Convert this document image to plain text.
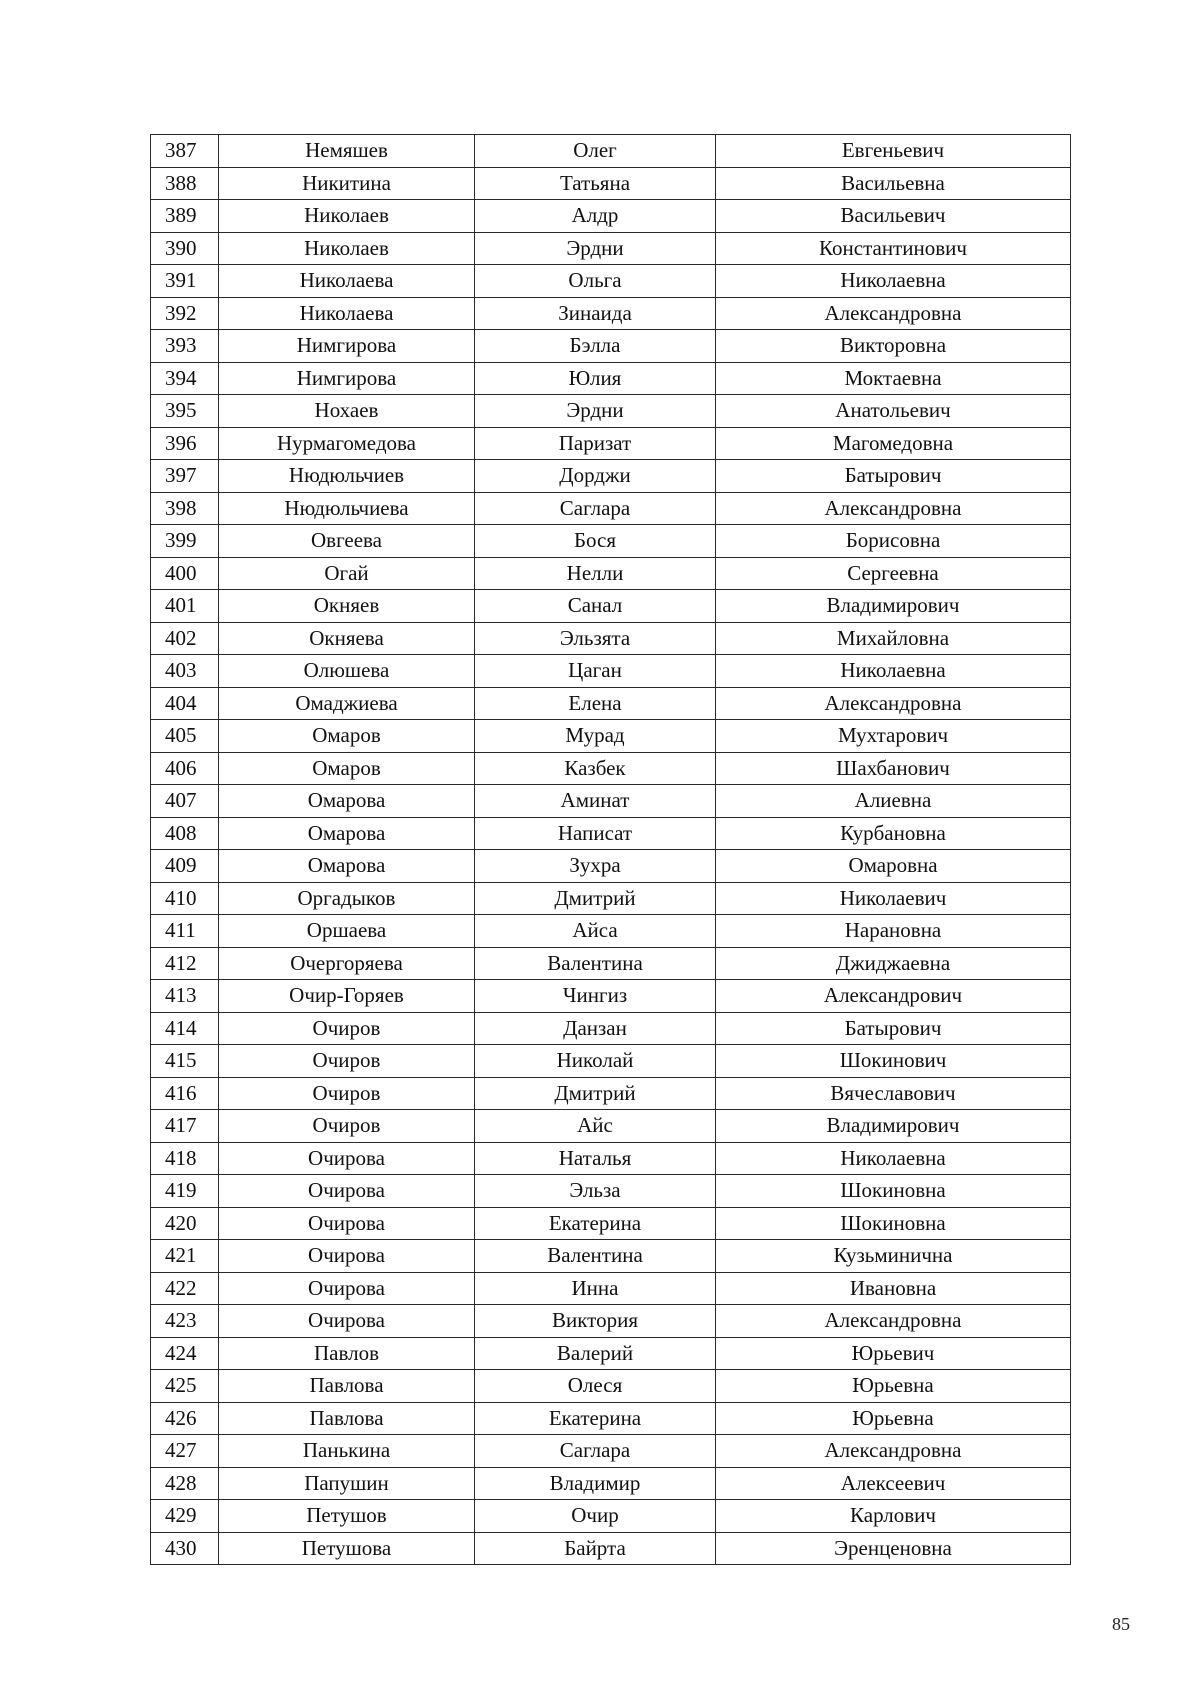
387	Немяшев	Олег	Евгеньевич
388	Никитина	Татьяна	Васильевна
389	Николаев	Алдр	Васильевич
390	Николаев	Эрдни	Константинович
391	Николаева	Ольга	Николаевна
392	Николаева	Зинаида	Александровна
393	Нимгирова	Бэлла	Викторовна
394	Нимгирова	Юлия	Моктаевна
395	Нохаев	Эрдни	Анатольевич
396	Нурмагомедова	Паризат	Магомедовна
397	Нюдюльчиев	Дорджи	Батырович
398	Нюдюльчиева	Саглара	Александровна
399	Овгеева	Бося	Борисовна
400	Огай	Нелли	Сергеевна
401	Окняев	Санал	Владимирович
402	Окняева	Эльзята	Михайловна
403	Олюшева	Цаган	Николаевна
404	Омаджиева	Елена	Александровна
405	Омаров	Мурад	Мухтарович
406	Омаров	Казбек	Шахбанович
407	Омарова	Аминат	Алиевна
408	Омарова	Написат	Курбановна
409	Омарова	Зухра	Омаровна
410	Оргадыков	Дмитрий	Николаевич
411	Оршаева	Айса	Нарановна
412	Очергоряева	Валентина	Джиджаевна
413	Очир-Горяев	Чингиз	Александрович
414	Очиров	Данзан	Батырович
415	Очиров	Николай	Шокинович
416	Очиров	Дмитрий	Вячеславович
417	Очиров	Айс	Владимирович
418	Очирова	Наталья	Николаевна
419	Очирова	Эльза	Шокиновна
420	Очирова	Екатерина	Шокиновна
421	Очирова	Валентина	Кузьминична
422	Очирова	Инна	Ивановна
423	Очирова	Виктория	Александровна
424	Павлов	Валерий	Юрьевич
425	Павлова	Олеся	Юрьевна
426	Павлова	Екатерина	Юрьевна
427	Панькина	Саглара	Александровна
428	Папушин	Владимир	Алексеевич
429	Петушов	Очир	Карлович
430	Петушова	Байрта	Эренценовна
85
